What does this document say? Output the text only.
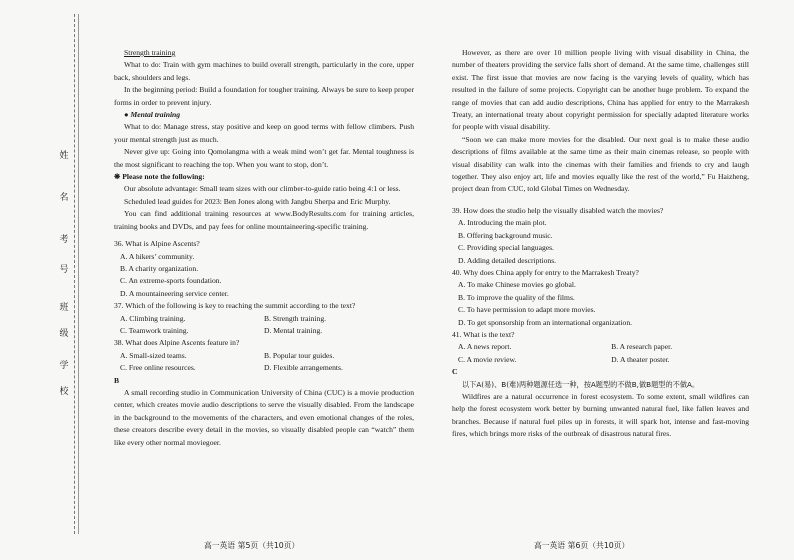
姓
名
考
号
班
级
学
校

Strength training

What to do: Train with gym machines to build overall strength, particularly in the core, upper back, shoulders and legs.

In the beginning period: Build a foundation for tougher training. Always be sure to keep proper forms in order to prevent injury.

● Mental training

What to do: Manage stress, stay positive and keep on good terms with fellow climbers. Push your mental strength just as much.

Never give up: Going into Qomolangma with a weak mind won’t get far. Mental toughness is the most significant to reaching the top. When you want to stop, don’t.

❋ Please note the following:

Our absolute advantage: Small team sizes with our climber-to-guide ratio being 4:1 or less.

Scheduled lead guides for 2023: Ben Jones along with Jangbu Sherpa and Eric Murphy.

You can find additional training resources at www.BodyResults.com for training articles, training books and DVDs, and pay fees for online mountaineering-specific training.

36. What is Alpine Ascents?

A. A hikers’ community.

B. A charity organization.

C. An extreme-sports foundation.

D. A mountaineering service center.

37. Which of the following is key to reaching the summit according to the text?

A. Climbing training.	B. Strength training.
C. Teamwork training.	D. Mental training.

38. What does Alpine Ascents feature in?

A. Small-sized teams.	B. Popular tour guides.
C. Free online resources.	D. Flexible arrangements.

B

A small recording studio in Communication University of China (CUC) is a movie production center, which creates movie audio descriptions to serve the visually disabled. From the landscape in the background to the movements of the characters, and even emotional changes of the roles, these creators describe every detail in the movies, so visually disabled people can “watch” them like every other normal moviegoer.

However, as there are over 10 million people living with visual disability in China, the number of theaters providing the service falls short of demand. At the same time, challenges still exist. The first issue that movies are now facing is the varying levels of quality, which has resulted in the failure of some projects. Copyright can be another huge problem. To expand the range of movies that can add audio descriptions, China has applied for entry to the Marrakesh Treaty, an international treaty about copyright permission for specially adapted literature works for people with visual disability.

“Soon we can make more movies for the disabled. Our next goal is to make these audio descriptions of films available at the same time as their main cinemas release, so people with visual disability can walk into the cinemas with their families and friends to cry and laugh together. They also enjoy art, life and movies equally like the rest of the world,” Fu Haizheng, project dean from CUC, told Global Times on Wednesday.

39. How does the studio help the visually disabled watch the movies?

A. Introducing the main plot.

B. Offering background music.

C. Providing special languages.

D. Adding detailed descriptions.

40. Why does China apply for entry to the Marrakesh Treaty?

A. To make Chinese movies go global.

B. To improve the quality of the films.

C. To have permission to adapt more movies.

D. To get sponsorship from an international organization.

41. What is the text?

A. A news report.	B. A research paper.
C. A movie review.	D. A theater poster.

C

以下A(易)、B(难)两种题源任选一种，按A题型的不做B,做B题型的不做A。

Wildfires are a natural occurrence in forest ecosystem. To some extent, small wildfires can help the forest ecosystem work better by burning unwanted natural fuel, like fallen leaves and branches. Because if natural fuel piles up in forests, it will spark hot, intense and fast-moving fires, which brings more risks of the outbreak of disastrous natural fires.

高一英语 第5页（共10页）	高一英语 第6页（共10页）
